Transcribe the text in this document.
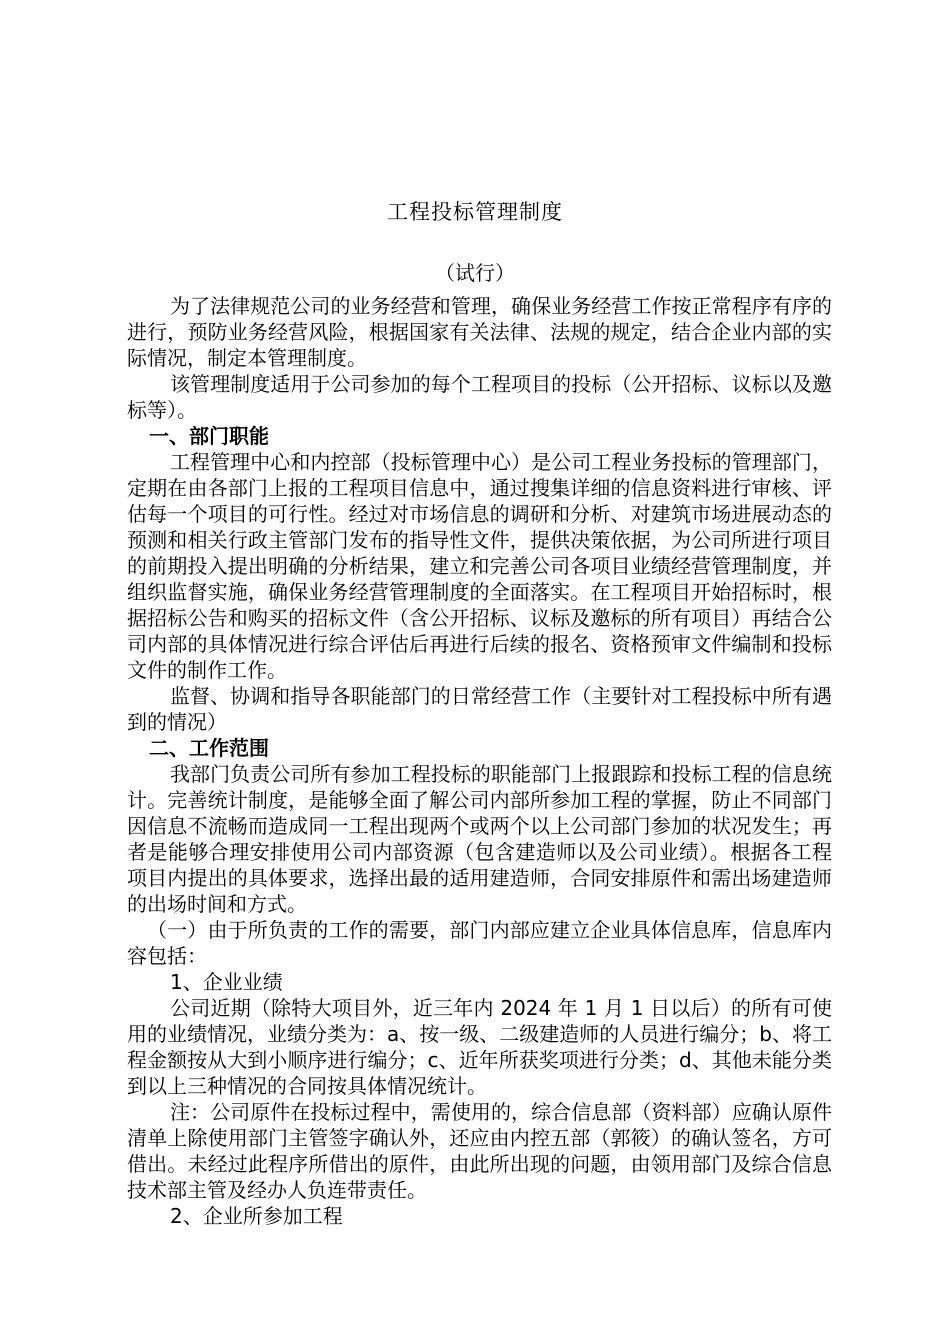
工程投标管理制度
（试行）

为了法律规范公司的业务经营和管理，确保业务经营工作按正常程序有序的进行，预防业务经营风险，根据国家有关法律、法规的规定，结合企业内部的实际情况，制定本管理制度。

该管理制度适用于公司参加的每个工程项目的投标（公开招标、议标以及邀标等）。

一、部门职能

工程管理中心和内控部（投标管理中心）是公司工程业务投标的管理部门，定期在由各部门上报的工程项目信息中，通过搜集详细的信息资料进行审核、评估每一个项目的可行性。经过对市场信息的调研和分析、对建筑市场进展动态的预测和相关行政主管部门发布的指导性文件，提供决策依据，为公司所进行项目的前期投入提出明确的分析结果，建立和完善公司各项目业绩经营管理制度，并组织监督实施，确保业务经营管理制度的全面落实。在工程项目开始招标时，根据招标公告和购买的招标文件（含公开招标、议标及邀标的所有项目）再结合公司内部的具体情况进行综合评估后再进行后续的报名、资格预审文件编制和投标文件的制作工作。

监督、协调和指导各职能部门的日常经营工作（主要针对工程投标中所有遇到的情况）

二、工作范围

我部门负责公司所有参加工程投标的职能部门上报跟踪和投标工程的信息统计。完善统计制度，是能够全面了解公司内部所参加工程的掌握，防止不同部门因信息不流畅而造成同一工程出现两个或两个以上公司部门参加的状况发生；再者是能够合理安排使用公司内部资源（包含建造师以及公司业绩）。根据各工程项目内提出的具体要求，选择出最的适用建造师，合同安排原件和需出场建造师的出场时间和方式。

（一）由于所负责的工作的需要，部门内部应建立企业具体信息库，信息库内容包括：

1、企业业绩

公司近期（除特大项目外，近三年内 2024 年 1 月 1 日以后）的所有可使用的业绩情况，业绩分类为：a、按一级、二级建造师的人员进行编分；b、将工程金额按从大到小顺序进行编分；c、近年所获奖项进行分类；d、其他未能分类到以上三种情况的合同按具体情况统计。

注：公司原件在投标过程中，需使用的，综合信息部（资料部）应确认原件清单上除使用部门主管签字确认外，还应由内控五部（郭筱）的确认签名，方可借出。未经过此程序所借出的原件，由此所出现的问题，由领用部门及综合信息技术部主管及经办人负连带责任。

2、企业所参加工程
